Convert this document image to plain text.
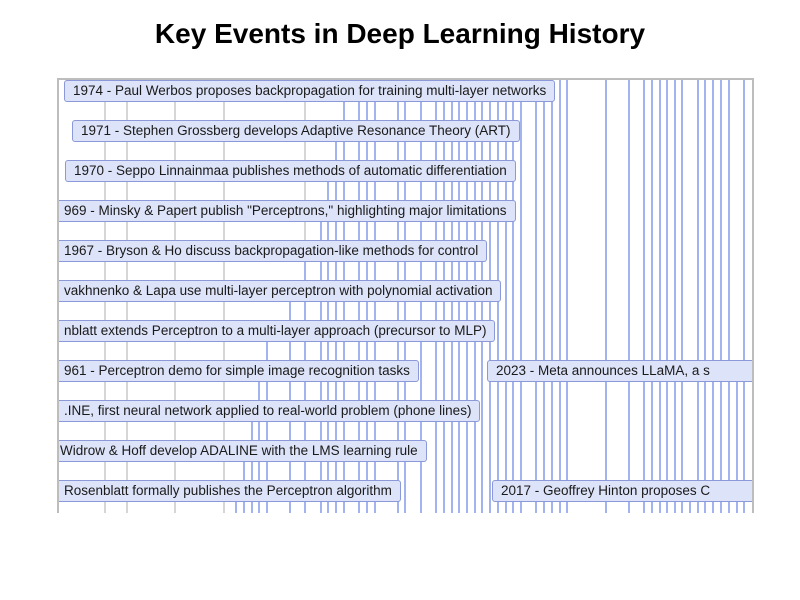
Key Events in Deep Learning History
1974 - Paul Werbos proposes backpropagation for training multi-layer networks
1971 - Stephen Grossberg develops Adaptive Resonance Theory (ART)
1970 - Seppo Linnainmaa publishes methods of automatic differentiation
969 - Minsky & Papert publish "Perceptrons," highlighting major limitations
1967 - Bryson & Ho discuss backpropagation-like methods for control
vakhnenko & Lapa use multi-layer perceptron with polynomial activation
nblatt extends Perceptron to a multi-layer approach (precursor to MLP)
961 - Perceptron demo for simple image recognition tasks	2023 - Meta announces LLaMA, a s
.INE, first neural network applied to real-world problem (phone lines)
Widrow & Hoff develop ADALINE with the LMS learning rule
Rosenblatt formally publishes the Perceptron algorithm	2017 - Geoffrey Hinton proposes C
